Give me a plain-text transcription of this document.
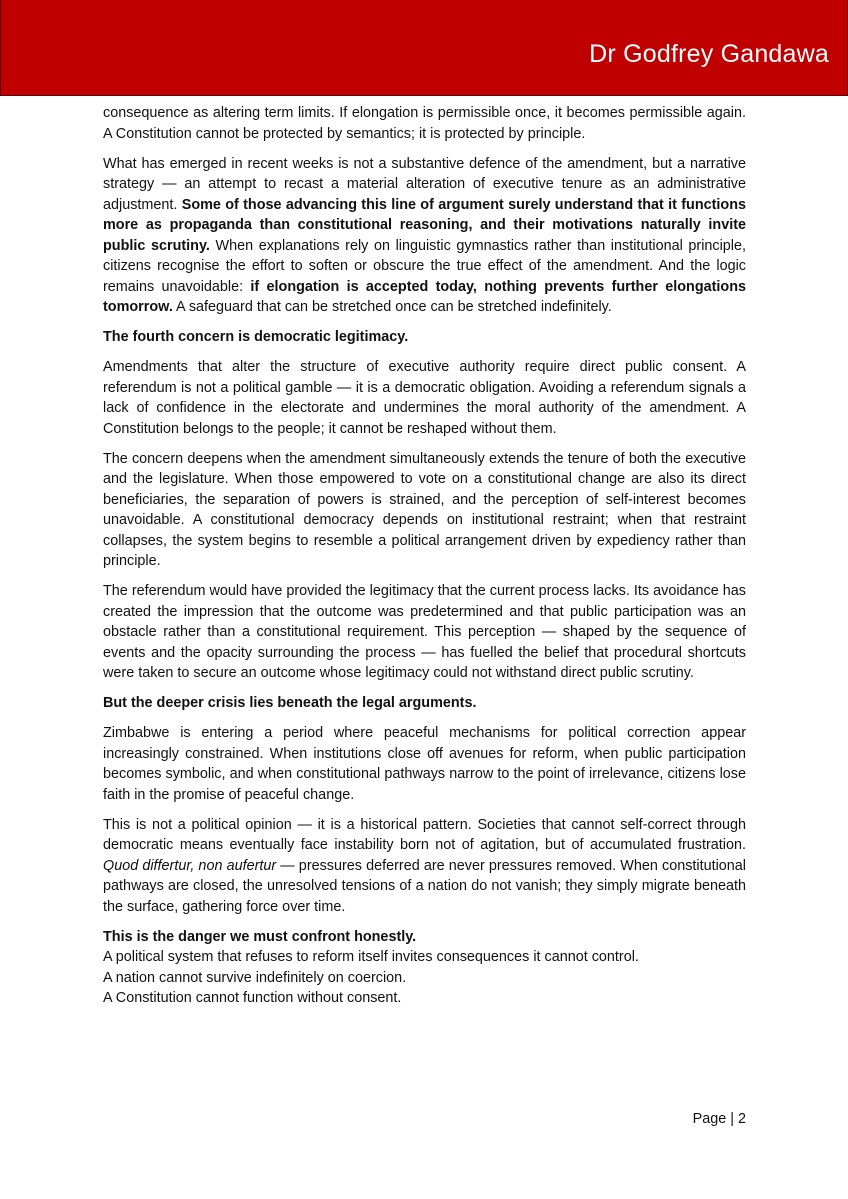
Dr Godfrey Gandawa

consequence as altering term limits. If elongation is permissible once, it becomes permissible again. A Constitution cannot be protected by semantics; it is protected by principle.

What has emerged in recent weeks is not a substantive defence of the amendment, but a narrative strategy — an attempt to recast a material alteration of executive tenure as an administrative adjustment. Some of those advancing this line of argument surely understand that it functions more as propaganda than constitutional reasoning, and their motivations naturally invite public scrutiny. When explanations rely on linguistic gymnastics rather than institutional principle, citizens recognise the effort to soften or obscure the true effect of the amendment. And the logic remains unavoidable: if elongation is accepted today, nothing prevents further elongations tomorrow. A safeguard that can be stretched once can be stretched indefinitely.

The fourth concern is democratic legitimacy.

Amendments that alter the structure of executive authority require direct public consent. A referendum is not a political gamble — it is a democratic obligation. Avoiding a referendum signals a lack of confidence in the electorate and undermines the moral authority of the amendment. A Constitution belongs to the people; it cannot be reshaped without them.

The concern deepens when the amendment simultaneously extends the tenure of both the executive and the legislature. When those empowered to vote on a constitutional change are also its direct beneficiaries, the separation of powers is strained, and the perception of self-interest becomes unavoidable. A constitutional democracy depends on institutional restraint; when that restraint collapses, the system begins to resemble a political arrangement driven by expediency rather than principle.

The referendum would have provided the legitimacy that the current process lacks. Its avoidance has created the impression that the outcome was predetermined and that public participation was an obstacle rather than a constitutional requirement. This perception — shaped by the sequence of events and the opacity surrounding the process — has fuelled the belief that procedural shortcuts were taken to secure an outcome whose legitimacy could not withstand direct public scrutiny.

But the deeper crisis lies beneath the legal arguments.

Zimbabwe is entering a period where peaceful mechanisms for political correction appear increasingly constrained. When institutions close off avenues for reform, when public participation becomes symbolic, and when constitutional pathways narrow to the point of irrelevance, citizens lose faith in the promise of peaceful change.

This is not a political opinion — it is a historical pattern. Societies that cannot self-correct through democratic means eventually face instability born not of agitation, but of accumulated frustration. Quod differtur, non aufertur — pressures deferred are never pressures removed. When constitutional pathways are closed, the unresolved tensions of a nation do not vanish; they simply migrate beneath the surface, gathering force over time.

This is the danger we must confront honestly.

A political system that refuses to reform itself invites consequences it cannot control.

A nation cannot survive indefinitely on coercion.

A Constitution cannot function without consent.

Page | 2
